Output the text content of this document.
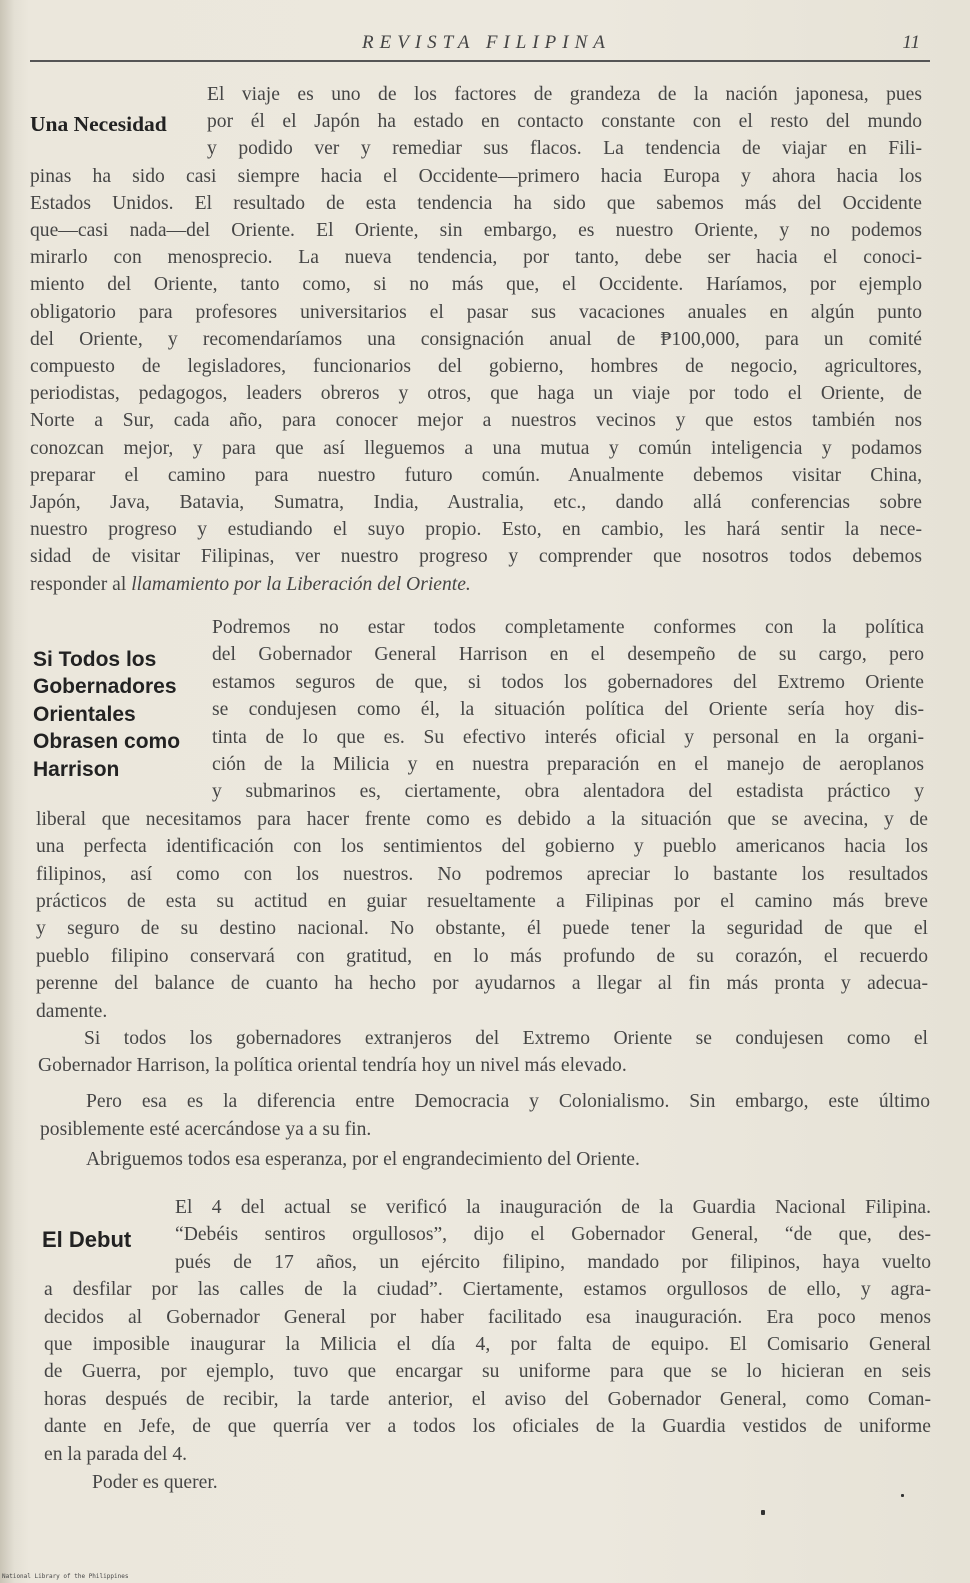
REVISTA FILIPINA	11
Una Necesidad
El viaje es uno de los factores de grandeza de la nación japonesa, pues
por él el Japón ha estado en contacto constante con el resto del mundo
y podido ver y remediar sus flacos. La tendencia de viajar en Fili-
pinas ha sido casi siempre hacia el Occidente—primero hacia Europa y ahora hacia los
Estados Unidos. El resultado de esta tendencia ha sido que sabemos más del Occidente
que—casi nada—del Oriente. El Oriente, sin embargo, es nuestro Oriente, y no podemos
mirarlo con menosprecio. La nueva tendencia, por tanto, debe ser hacia el conoci-
miento del Oriente, tanto como, si no más que, el Occidente. Haríamos, por ejemplo
obligatorio para profesores universitarios el pasar sus vacaciones anuales en algún punto
del Oriente, y recomendaríamos una consignación anual de ₱100,000, para un comité
compuesto de legisladores, funcionarios del gobierno, hombres de negocio, agricultores,
periodistas, pedagogos, leaders obreros y otros, que haga un viaje por todo el Oriente, de
Norte a Sur, cada año, para conocer mejor a nuestros vecinos y que estos también nos
conozcan mejor, y para que así lleguemos a una mutua y común inteligencia y podamos
preparar el camino para nuestro futuro común. Anualmente debemos visitar China,
Japón, Java, Batavia, Sumatra, India, Australia, etc., dando allá conferencias sobre
nuestro progreso y estudiando el suyo propio. Esto, en cambio, les hará sentir la nece-
sidad de visitar Filipinas, ver nuestro progreso y comprender que nosotros todos debemos
responder al llamamiento por la Liberación del Oriente.
Si Todos los
Gobernadores
Orientales
Obrasen como
Harrison
Podremos no estar todos completamente conformes con la política
del Gobernador General Harrison en el desempeño de su cargo, pero
estamos seguros de que, si todos los gobernadores del Extremo Oriente
se condujesen como él, la situación política del Oriente sería hoy dis-
tinta de lo que es. Su efectivo interés oficial y personal en la organi-
ción de la Milicia y en nuestra preparación en el manejo de aeroplanos
y submarinos es, ciertamente, obra alentadora del estadista práctico y
liberal que necesitamos para hacer frente como es debido a la situación que se avecina, y de
una perfecta identificación con los sentimientos del gobierno y pueblo americanos hacia los
filipinos, así como con los nuestros. No podremos apreciar lo bastante los resultados
prácticos de esta su actitud en guiar resueltamente a Filipinas por el camino más breve
y seguro de su destino nacional. No obstante, él puede tener la seguridad de que el
pueblo filipino conservará con gratitud, en lo más profundo de su corazón, el recuerdo
perenne del balance de cuanto ha hecho por ayudarnos a llegar al fin más pronta y adecua-
damente.
Si todos los gobernadores extranjeros del Extremo Oriente se condujesen como el
Gobernador Harrison, la política oriental tendría hoy un nivel más elevado.
Pero esa es la diferencia entre Democracia y Colonialismo. Sin embargo, este último
posiblemente esté acercándose ya a su fin.
Abriguemos todos esa esperanza, por el engrandecimiento del Oriente.
El Debut
El 4 del actual se verificó la inauguración de la Guardia Nacional Filipina.
“Debéis sentiros orgullosos”, dijo el Gobernador General, “de que, des-
pués de 17 años, un ejército filipino, mandado por filipinos, haya vuelto
a desfilar por las calles de la ciudad”. Ciertamente, estamos orgullosos de ello, y agra-
decidos al Gobernador General por haber facilitado esa inauguración. Era poco menos
que imposible inaugurar la Milicia el día 4, por falta de equipo. El Comisario General
de Guerra, por ejemplo, tuvo que encargar su uniforme para que se lo hicieran en seis
horas después de recibir, la tarde anterior, el aviso del Gobernador General, como Coman-
dante en Jefe, de que querría ver a todos los oficiales de la Guardia vestidos de uniforme
en la parada del 4.
Poder es querer.
National Library of the Philippines
